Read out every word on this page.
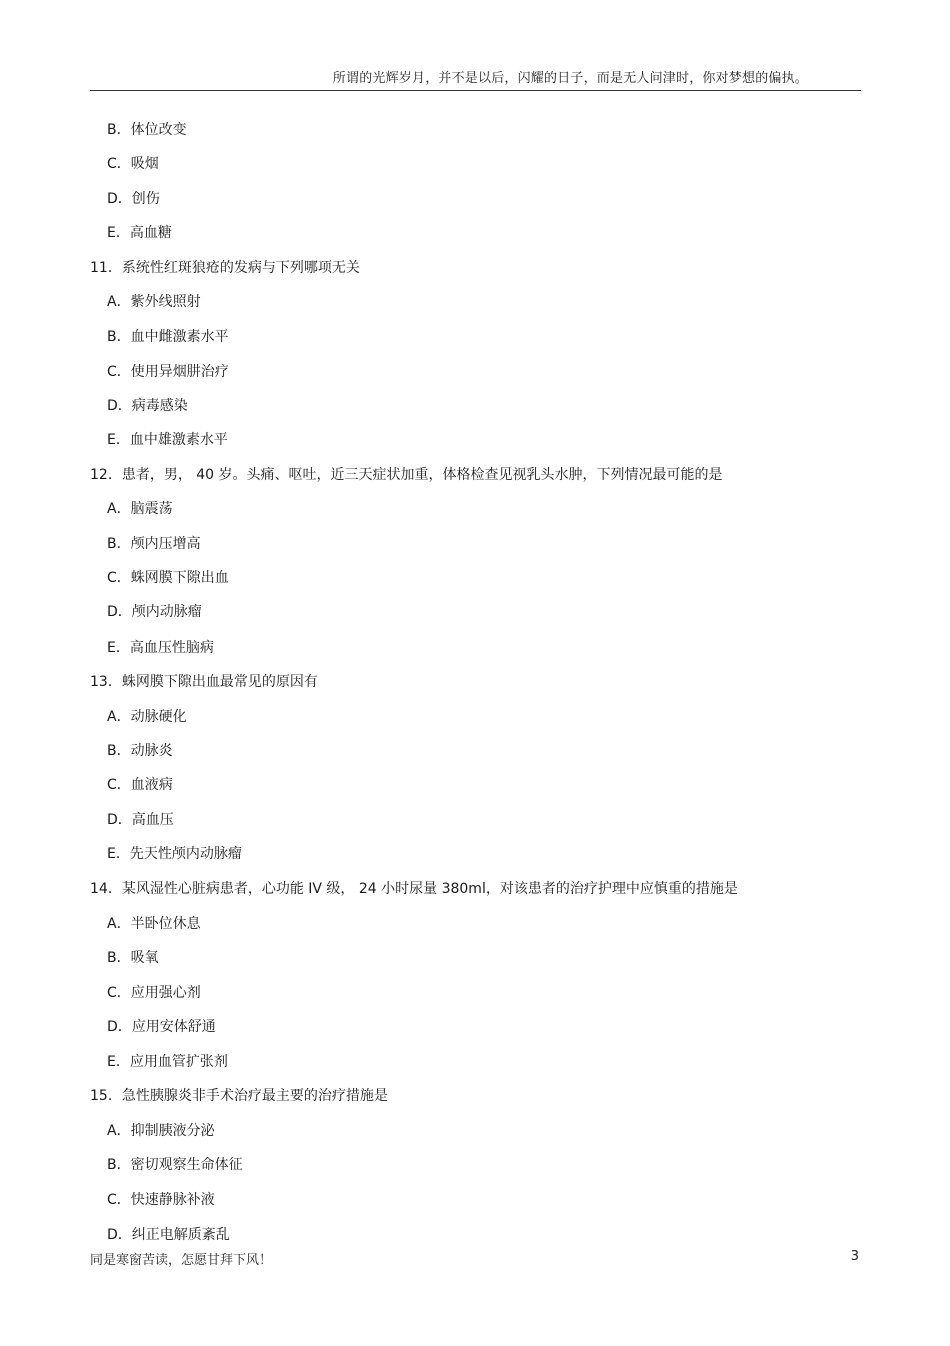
所谓的光辉岁月，并不是以后，闪耀的日子，而是无人问津时，你对梦想的偏执。
B．体位改变
C．吸烟
D．创伤
E．高血糖
11．系统性红斑狼疮的发病与下列哪项无关
A．紫外线照射
B．血中雌激素水平
C．使用异烟肼治疗
D．病毒感染
E．血中雄激素水平
12．患者，男， 40 岁。头痛、呕吐，近三天症状加重，体格检查见视乳头水肿，下列情况最可能的是
A．脑震荡
B．颅内压增高
C．蛛网膜下隙出血
D．颅内动脉瘤
E．高血压性脑病
13．蛛网膜下隙出血最常见的原因有
A．动脉硬化
B．动脉炎
C．血液病
D．高血压
E．先天性颅内动脉瘤
14．某风湿性心脏病患者，心功能 IV 级， 24 小时尿量 380ml，对该患者的治疗护理中应慎重的措施是
A．半卧位休息
B．吸氧
C．应用强心剂
D．应用安体舒通
E．应用血管扩张剂
15．急性胰腺炎非手术治疗最主要的治疗措施是
A．抑制胰液分泌
B．密切观察生命体征
C．快速静脉补液
D．纠正电解质紊乱
同是寒窗苦读，怎愿甘拜下风！	3
